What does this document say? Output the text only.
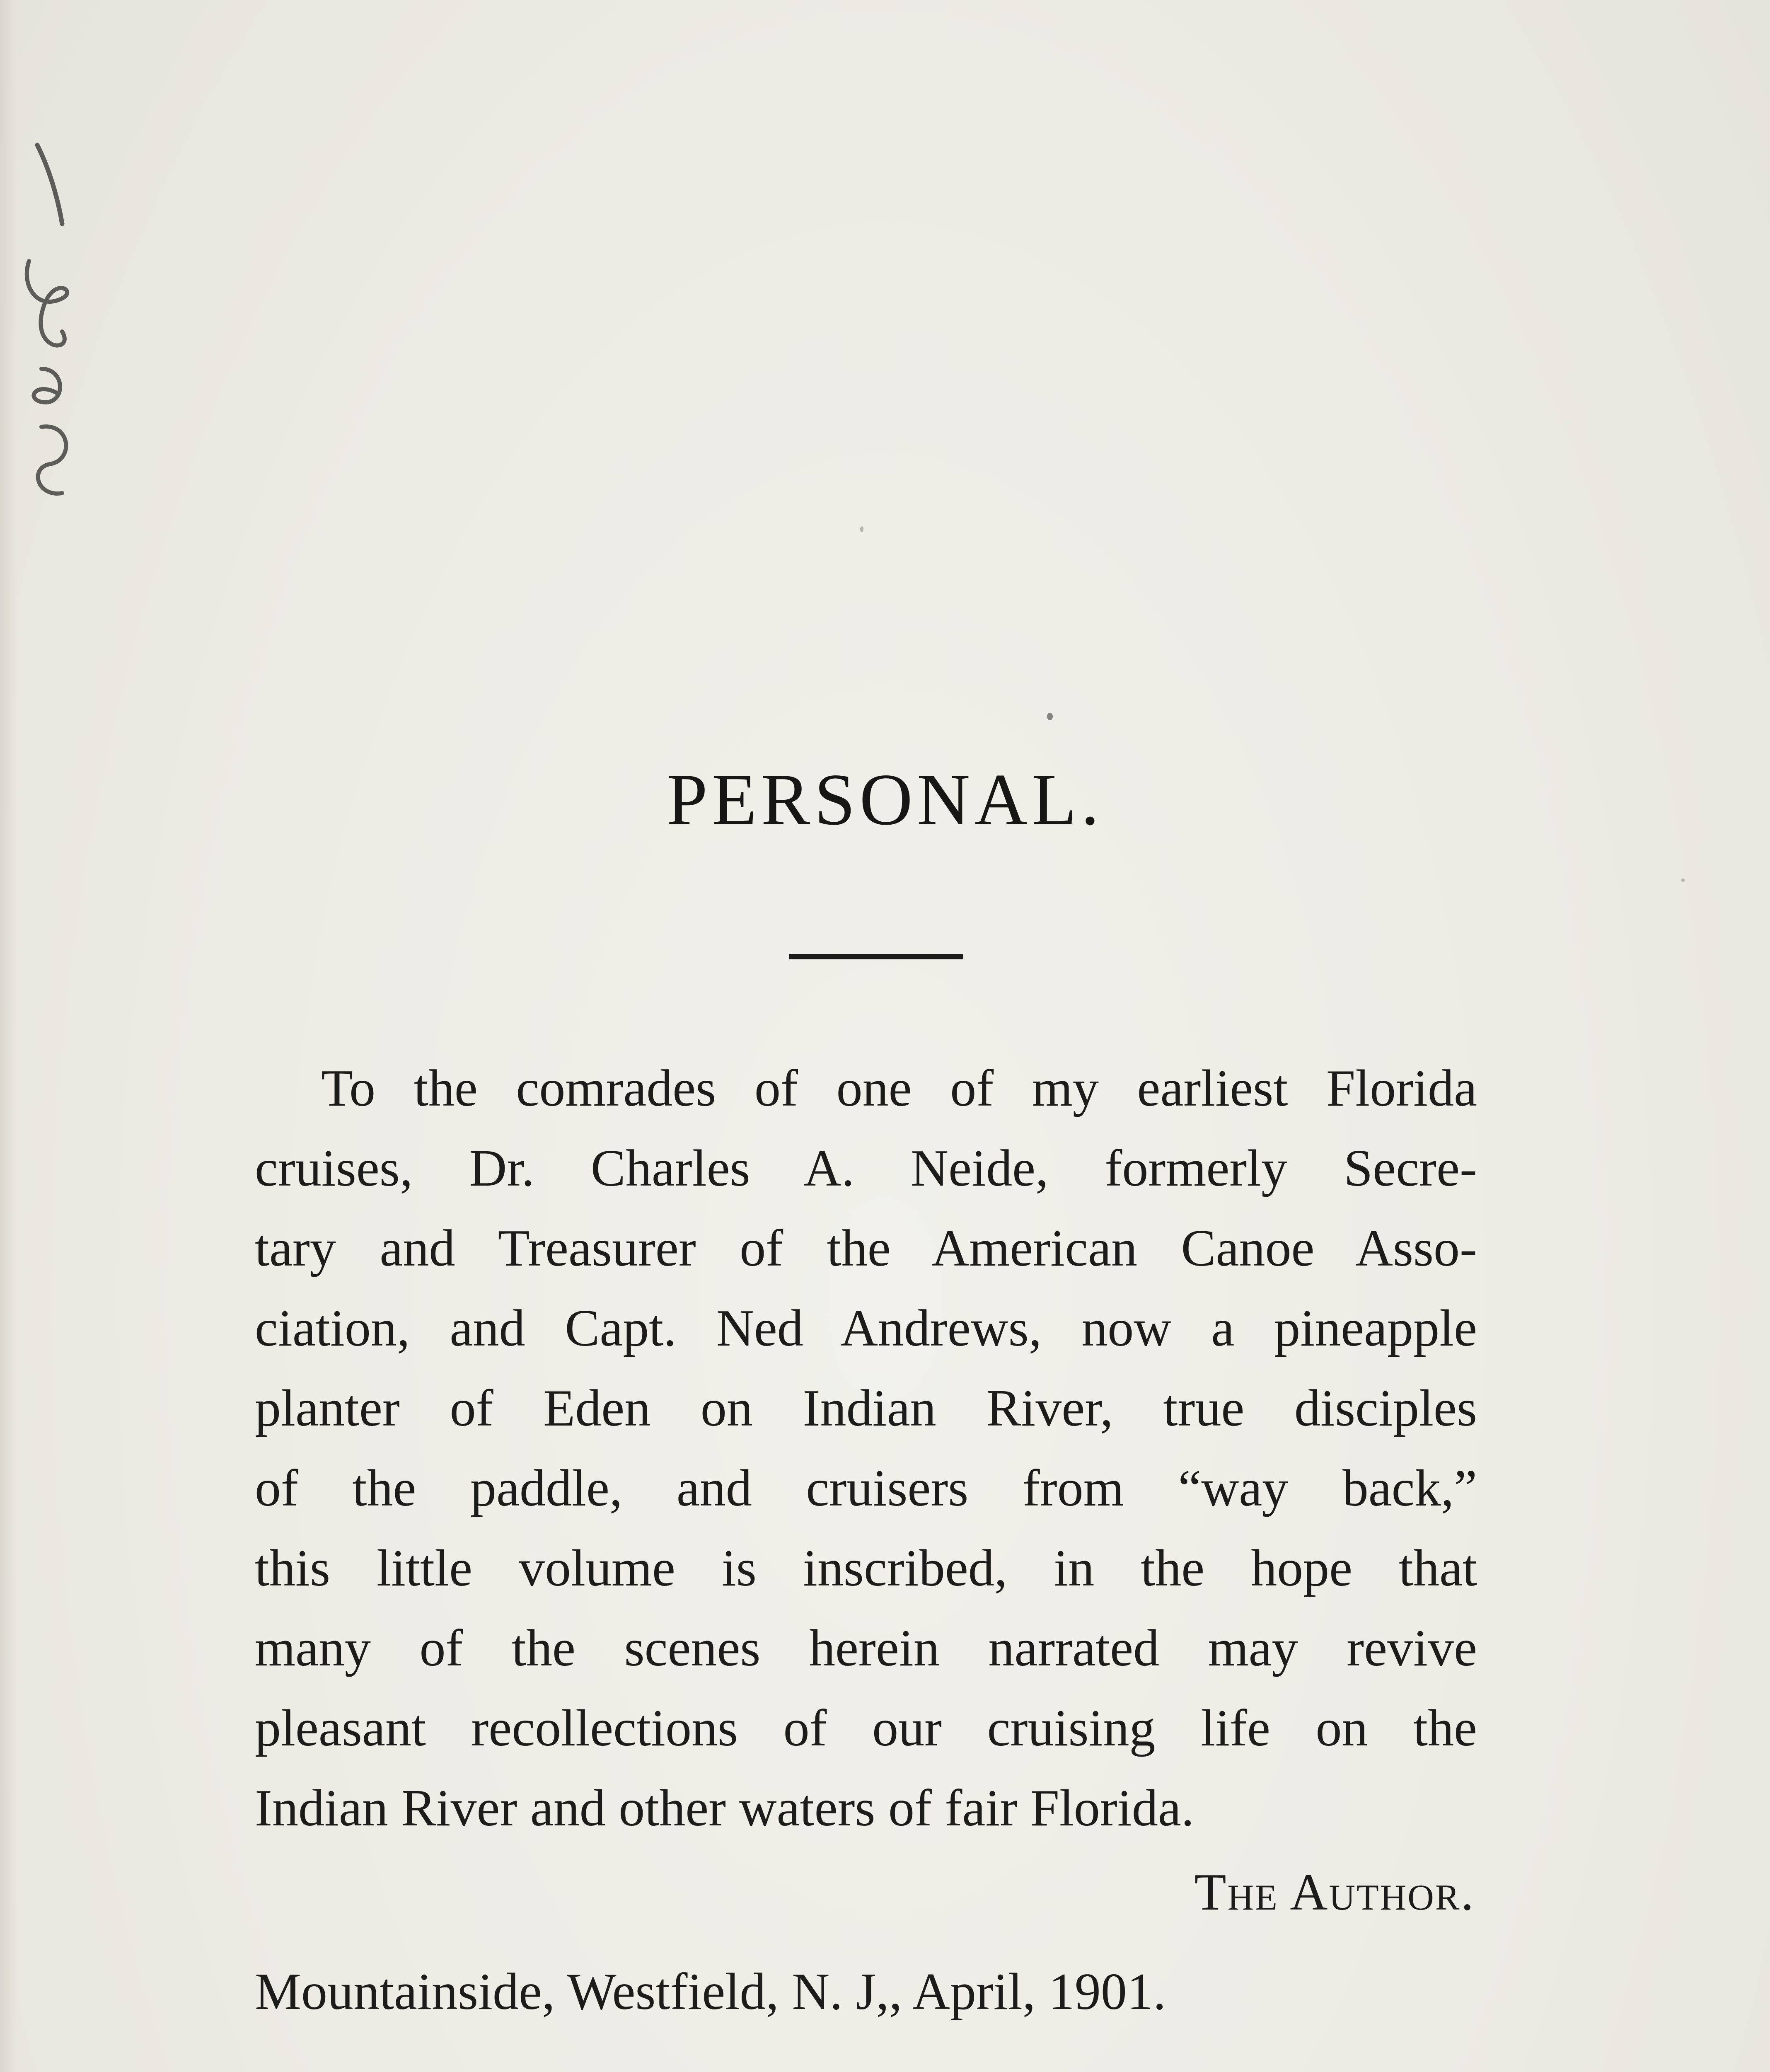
PERSONAL.
To the comrades of one of my earliest Florida
cruises, Dr. Charles A. Neide, formerly Secre-
tary and Treasurer of the American Canoe Asso-
ciation, and Capt. Ned Andrews, now a pineapple
planter of Eden on Indian River, true disciples
of the paddle, and cruisers from “way back,”
this little volume is inscribed, in the hope that
many of the scenes herein narrated may revive
pleasant recollections of our cruising life on the
Indian River and other waters of fair Florida.
The Author.
Mountainside, Westfield, N. J,, April, 1901.
